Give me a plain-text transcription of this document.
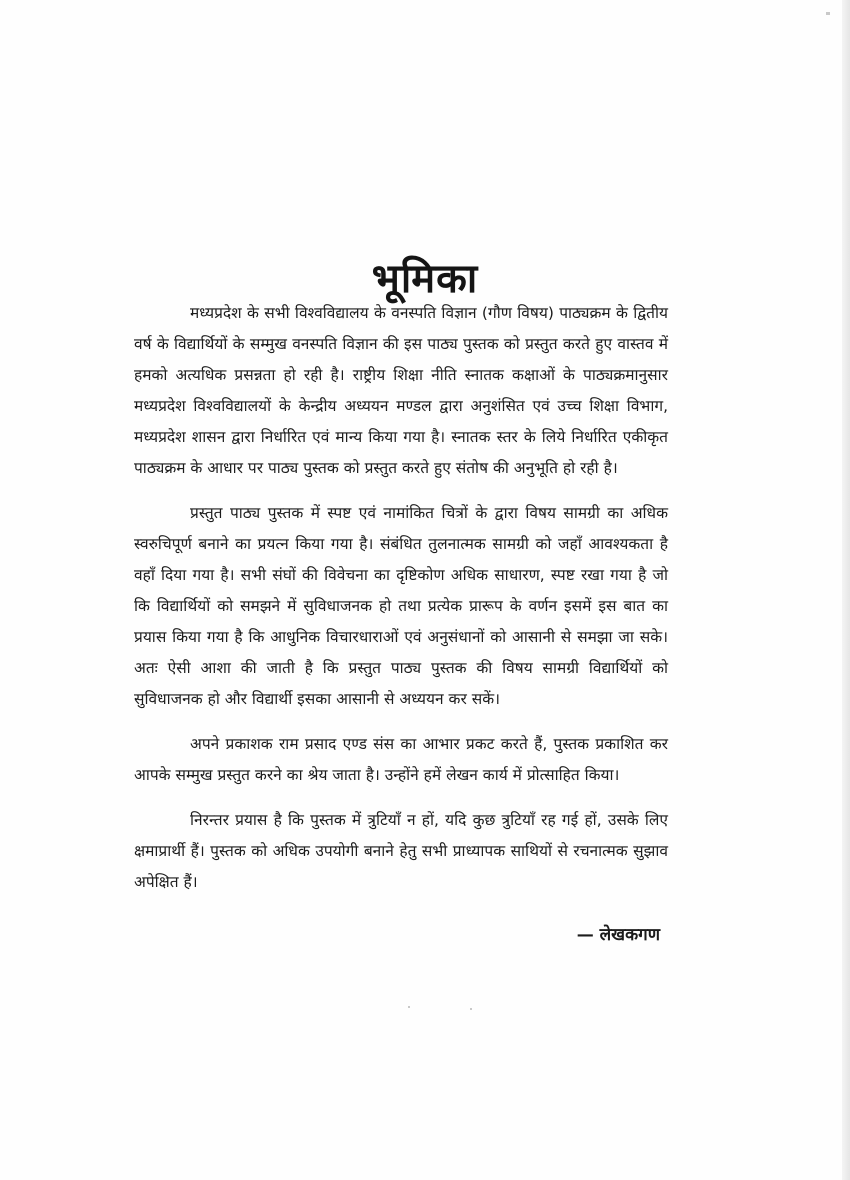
भूमिका

मध्यप्रदेश के सभी विश्वविद्यालय के वनस्पति विज्ञान (गौण विषय) पाठ्यक्रम के द्वितीय वर्ष के विद्यार्थियों के सम्मुख वनस्पति विज्ञान की इस पाठ्य पुस्तक को प्रस्तुत करते हुए वास्तव में हमको अत्यधिक प्रसन्नता हो रही है। राष्ट्रीय शिक्षा नीति स्नातक कक्षाओं के पाठ्यक्रमानुसार मध्यप्रदेश विश्वविद्यालयों के केन्द्रीय अध्ययन मण्डल द्वारा अनुशंसित एवं उच्च शिक्षा विभाग, मध्यप्रदेश शासन द्वारा निर्धारित एवं मान्य किया गया है। स्नातक स्तर के लिये निर्धारित एकीकृत पाठ्यक्रम के आधार पर पाठ्य पुस्तक को प्रस्तुत करते हुए संतोष की अनुभूति हो रही है।

प्रस्तुत पाठ्य पुस्तक में स्पष्ट एवं नामांकित चित्रों के द्वारा विषय सामग्री का अधिक स्वरुचिपूर्ण बनाने का प्रयत्न किया गया है। संबंधित तुलनात्मक सामग्री को जहाँ आवश्यकता है वहाँ दिया गया है। सभी संघों की विवेचना का दृष्टिकोण अधिक साधारण, स्पष्ट रखा गया है जो कि विद्यार्थियों को समझने में सुविधाजनक हो तथा प्रत्येक प्रारूप के वर्णन इसमें इस बात का प्रयास किया गया है कि आधुनिक विचारधाराओं एवं अनुसंधानों को आसानी से समझा जा सके। अतः ऐसी आशा की जाती है कि प्रस्तुत पाठ्य पुस्तक की विषय सामग्री विद्यार्थियों को सुविधाजनक हो और विद्यार्थी इसका आसानी से अध्ययन कर सकें।

अपने प्रकाशक राम प्रसाद एण्ड संस का आभार प्रकट करते हैं, पुस्तक प्रकाशित कर आपके सम्मुख प्रस्तुत करने का श्रेय जाता है। उन्होंने हमें लेखन कार्य में प्रोत्साहित किया।

निरन्तर प्रयास है कि पुस्तक में त्रुटियाँ न हों, यदि कुछ त्रुटियाँ रह गई हों, उसके लिए क्षमाप्रार्थी हैं। पुस्तक को अधिक उपयोगी बनाने हेतु सभी प्राध्यापक साथियों से रचनात्मक सुझाव अपेक्षित हैं।

— लेखकगण
